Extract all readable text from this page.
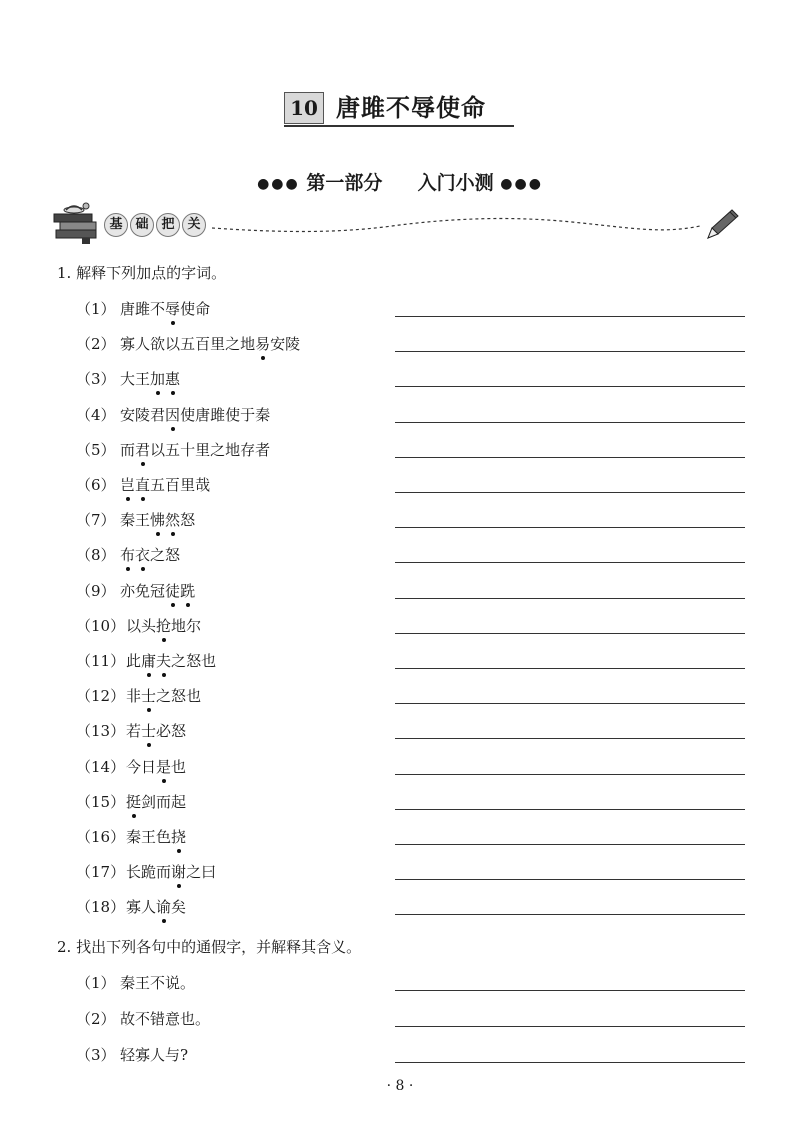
10 唐雎不辱使命
●●● 第一部分 入门小测 ●●●
基 础 把 关
1. 解释下列加点的字词。
（1） 唐雎不辱使命
（2） 寡人欲以五百里之地易安陵
（3） 大王加惠
（4） 安陵君因使唐雎使于秦
（5） 而君以五十里之地存者
（6） 岂直五百里哉
（7） 秦王怫然怒
（8） 布衣之怒
（9） 亦免冠徒跣
（10）以头抢地尔
（11）此庸夫之怒也
（12）非士之怒也
（13）若士必怒
（14）今日是也
（15）挺剑而起
（16）秦王色挠
（17）长跪而谢之曰
（18）寡人谕矣
2. 找出下列各句中的通假字，并解释其含义。
（1） 秦王不说。
（2） 故不错意也。
（3） 轻寡人与?
· 8 ·
